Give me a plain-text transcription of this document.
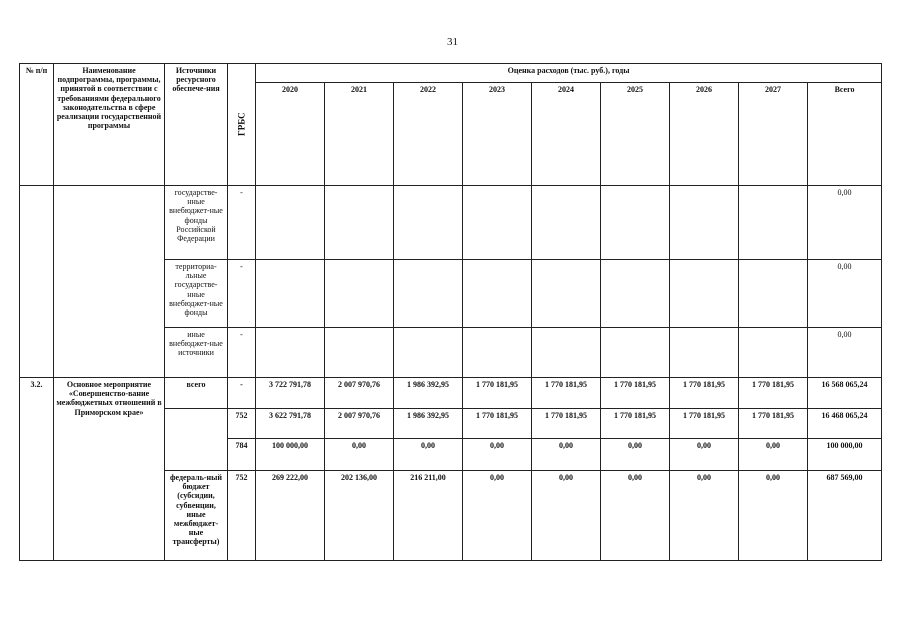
31
№ п/п	Наименование подпрограммы, программы, принятой в соответствии с требованиями федерального законодательства в сфере реализации государственной программы	Источники ресурсного обеспече-ния	ГРБС	Оценка расходов (тыс. руб.), годы								
				2020	2021	2022	2023	2024	2025	2026	2027	Всего
		государстве-нные внебюджет-ные фонды Российской Федерации	-									0,00
		территориа-льные государстве-нные внебюджет-ные фонды	-									0,00
		иные внебюджет-ные источники	-									0,00
3.2.	Основное мероприятие «Совершенство-вание межбюджетных отношений в Приморском крае»	всего	-	3 722 791,78	2 007 970,76	1 986 392,95	1 770 181,95	1 770 181,95	1 770 181,95	1 770 181,95	1 770 181,95	16 568 065,24
			752	3 622 791,78	2 007 970,76	1 986 392,95	1 770 181,95	1 770 181,95	1 770 181,95	1 770 181,95	1 770 181,95	16 468 065,24
			784	100 000,00	0,00	0,00	0,00	0,00	0,00	0,00	0,00	100 000,00
		федераль-ный бюджет (субсидии, субвенции, иные межбюджет-ные трансферты)	752	269 222,00	202 136,00	216 211,00	0,00	0,00	0,00	0,00	0,00	687 569,00
